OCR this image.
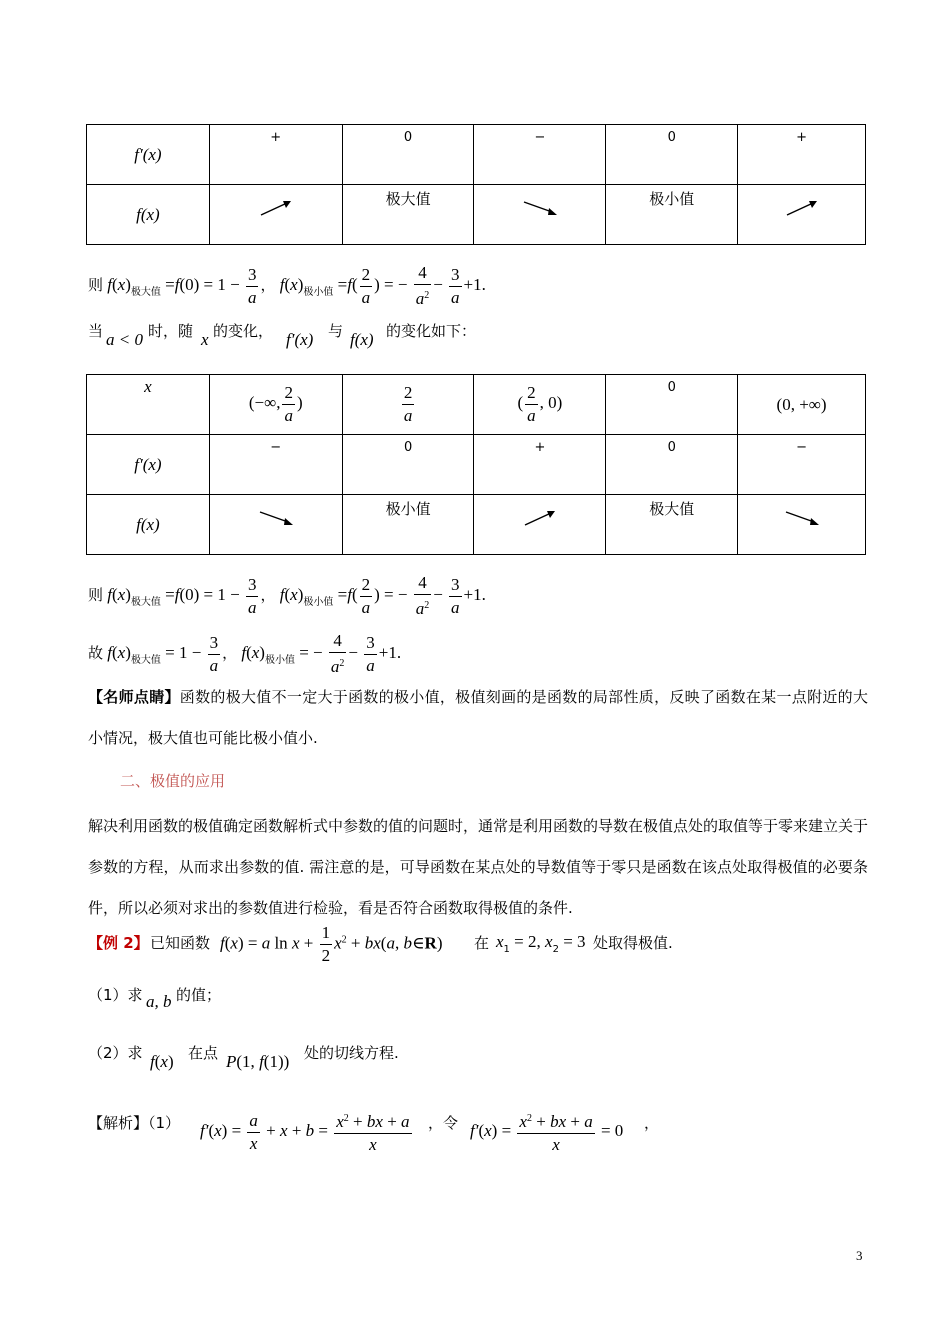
f′(x)	+	0	−	0	+

f(x)		极大值		极小值

则 $f(x)_{极大值} =f(0) = 1 - \frac{3}{a}$ ， $f(x)_{极小值} =f( \frac{2}{a}$ ) = − $\frac{4}{a^2} - \frac{3}{a} +1$.
当 a < 0 时，随 x 的变化， f′(x) 与 f(x) 的变化如下：
x	(−∞, $\frac{2}{a}$ )	$\frac{2}{a}$	( $\frac{2}{a}$ , 0)	0	(0, +∞)
f′(x)	−	0	+	0	−

f(x)		极小值		极大值

则 $f(x)_{极大值} =f(0) = 1 - \frac{3}{a}$ ， $f(x)_{极小值} =f( \frac{2}{a}$ ) = − $\frac{4}{a^2} - \frac{3}{a} +1$.
故 $f(x)_{极大值} = 1 - \frac{3}{a}$ ， $f(x)_{极小值}$ = − $\frac{4}{a^2} - \frac{3}{a} +1$.
【名师点睛】函数的极大值不一定大于函数的极小值，极值刻画的是函数的局部性质，反映了函数在某一点附近的大小情况，极大值也可能比极小值小.
二、极值的应用
解决利用函数的极值确定函数解析式中参数的值的问题时，通常是利用函数的导数在极值点处的取值等于零来建立关于参数的方程，从而求出参数的值. 需注意的是，可导函数在某点处的导数值等于零只是函数在该点处取得极值的必要条件，所以必须对求出的参数值进行检验，看是否符合函数取得极值的条件.
【例 2】 已知函数 f(x) = a $\ln x + \frac{1}{2} x^2 + bx(a$, b∈R) 在 $x_1 = 2$, $x_2 = 3$ 处取得极值.
（1）求 a, b 的值；
（2）求 f(x) 在点 P(1, f(1)) 处的切线方程.
【解析】（1） $f'(x) = \frac{a}{x} + x + b = \frac{x^2 + bx + a}{x}$ ，令 $f'(x) = \frac{x^2 + bx + a}{x} = 0$ ，
3
